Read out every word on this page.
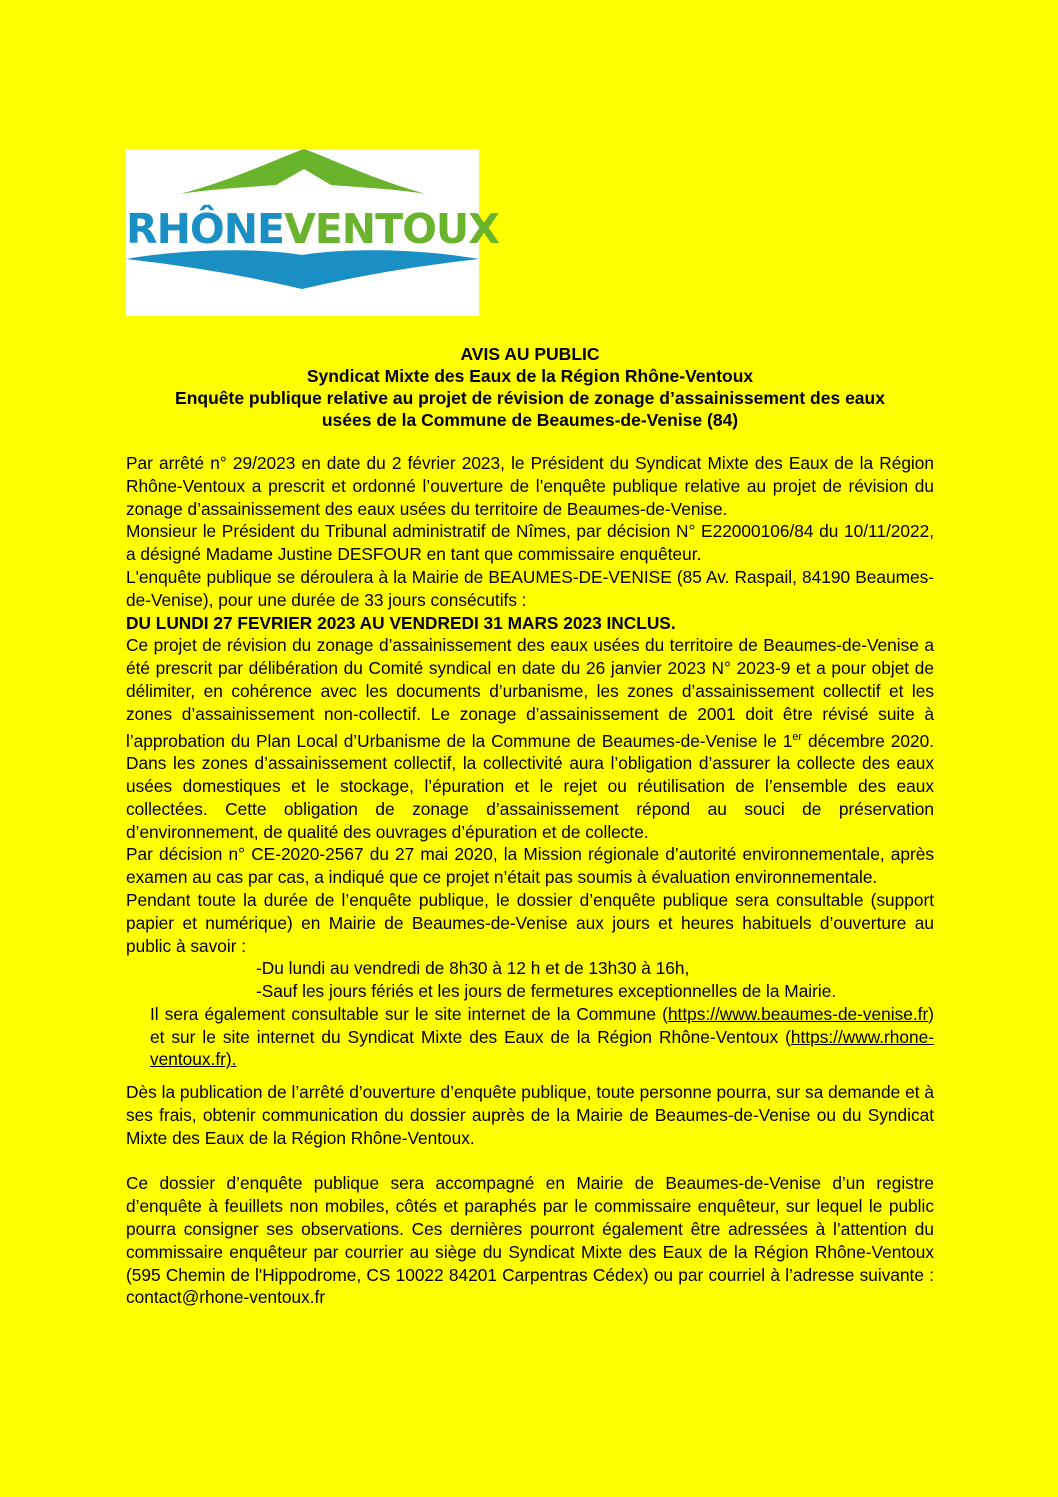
RHÔNEVENTOUX
AVIS AU PUBLIC
Syndicat Mixte des Eaux de la Région Rhône-Ventoux
Enquête publique relative au projet de révision de zonage d’assainissement des eaux
usées de la Commune de Beaumes-de-Venise (84)

Par arrêté n° 29/2023 en date du 2 février 2023, le Président du Syndicat Mixte des Eaux de la Région Rhône-Ventoux a prescrit et ordonné l’ouverture de l’enquête publique relative au projet de révision du zonage d’assainissement des eaux usées du territoire de Beaumes-de-Venise.

Monsieur le Président du Tribunal administratif de Nîmes, par décision N° E22000106/84 du 10/11/2022, a désigné Madame Justine DESFOUR en tant que commissaire enquêteur.

L'enquête publique se déroulera à la Mairie de BEAUMES-DE-VENISE (85 Av. Raspail, 84190 Beaumes-de-Venise), pour une durée de 33 jours consécutifs :

DU LUNDI 27 FEVRIER 2023 AU VENDREDI 31 MARS 2023 INCLUS.

Ce projet de révision du zonage d’assainissement des eaux usées du territoire de Beaumes-de-Venise a été prescrit par délibération du Comité syndical en date du 26 janvier 2023 N° 2023-9 et a pour objet de délimiter, en cohérence avec les documents d’urbanisme, les zones d’assainissement collectif et les zones d’assainissement non-collectif. Le zonage d’assainissement de 2001 doit être révisé suite à l’approbation du Plan Local d’Urbanisme de la Commune de Beaumes-de-Venise le 1er décembre 2020. Dans les zones d’assainissement collectif, la collectivité aura l’obligation d’assurer la collecte des eaux usées domestiques et le stockage, l’épuration et le rejet ou réutilisation de l’ensemble des eaux collectées. Cette obligation de zonage d’assainissement répond au souci de préservation d’environnement, de qualité des ouvrages d’épuration et de collecte.

Par décision n° CE-2020-2567 du 27 mai 2020, la Mission régionale d’autorité environnementale, après examen au cas par cas, a indiqué que ce projet n’était pas soumis à évaluation environnementale.

Pendant toute la durée de l’enquête publique, le dossier d’enquête publique sera consultable (support papier et numérique) en Mairie de Beaumes-de-Venise aux jours et heures habituels d’ouverture au public à savoir :

-Du lundi au vendredi de 8h30 à 12 h et de 13h30 à 16h,

-Sauf les jours fériés et les jours de fermetures exceptionnelles de la Mairie.

Il sera également consultable sur le site internet de la Commune (https://www.beaumes-de-venise.fr) et sur le site internet du Syndicat Mixte des Eaux de la Région Rhône-Ventoux (https://www.rhone-ventoux.fr).

Dès la publication de l’arrêté d’ouverture d’enquête publique, toute personne pourra, sur sa demande et à ses frais, obtenir communication du dossier auprès de la Mairie de Beaumes-de-Venise ou du Syndicat Mixte des Eaux de la Région Rhône-Ventoux.

Ce dossier d’enquête publique sera accompagné en Mairie de Beaumes-de-Venise d’un registre d’enquête à feuillets non mobiles, côtés et paraphés par le commissaire enquêteur, sur lequel le public pourra consigner ses observations. Ces dernières pourront également être adressées à l’attention du commissaire enquêteur par courrier au siège du Syndicat Mixte des Eaux de la Région Rhône-Ventoux (595 Chemin de l'Hippodrome, CS 10022 84201 Carpentras Cédex) ou par courriel à l’adresse suivante : contact@rhone-ventoux.fr
